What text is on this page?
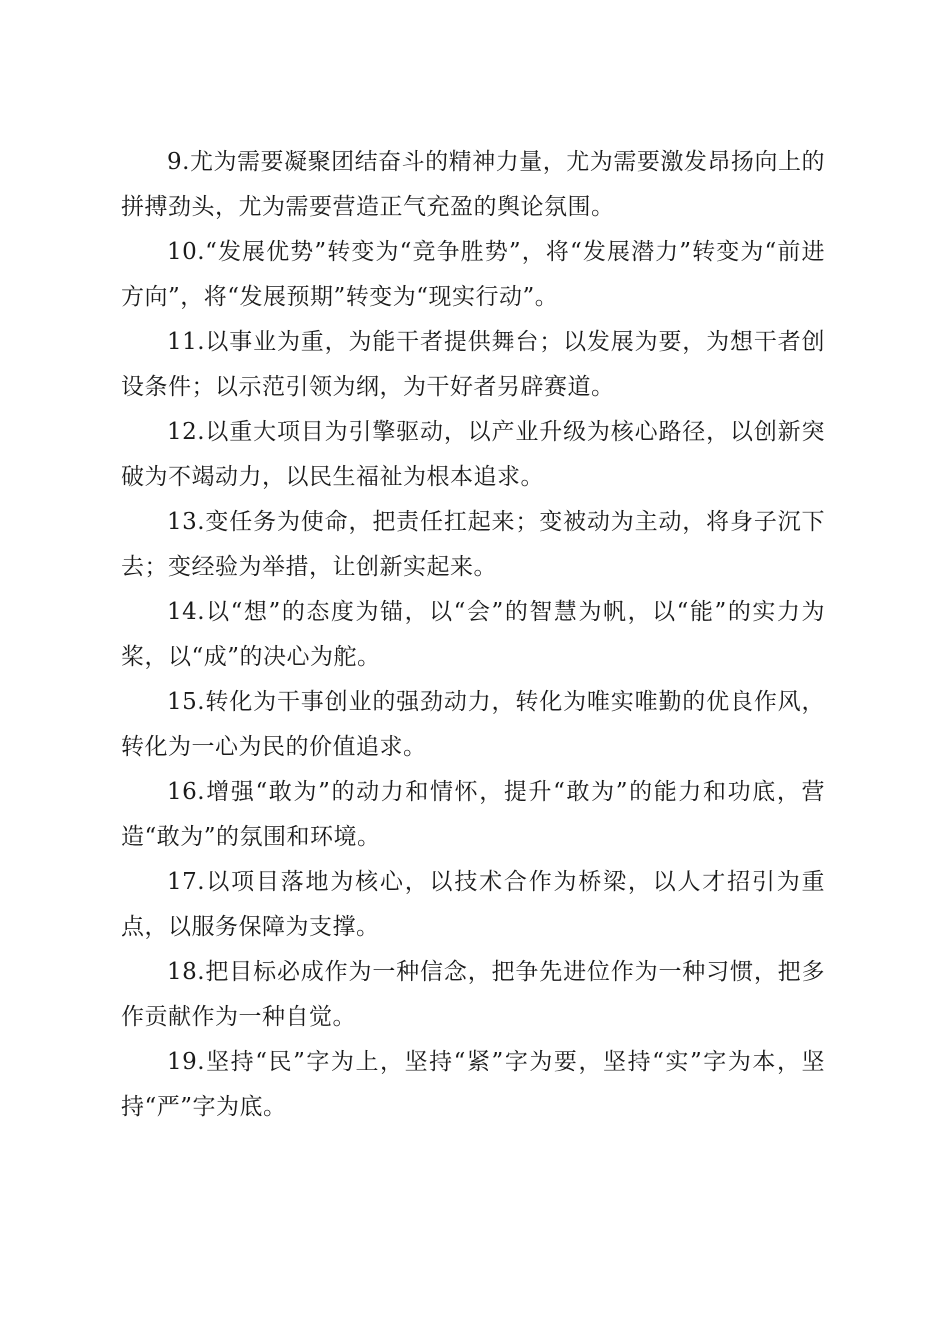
9.尤为需要凝聚团结奋斗的精神力量，尤为需要激发昂扬向上的拼搏劲头，尤为需要营造正气充盈的舆论氛围。

10.“发展优势”转变为“竞争胜势”，将“发展潜力”转变为“前进方向”，将“发展预期”转变为“现实行动”。

11.以事业为重，为能干者提供舞台；以发展为要，为想干者创设条件；以示范引领为纲，为干好者另辟赛道。

12.以重大项目为引擎驱动，以产业升级为核心路径，以创新突破为不竭动力，以民生福祉为根本追求。

13.变任务为使命，把责任扛起来；变被动为主动，将身子沉下去；变经验为举措，让创新实起来。

14.以“想”的态度为锚，以“会”的智慧为帆，以“能”的实力为桨，以“成”的决心为舵。

15.转化为干事创业的强劲动力，转化为唯实唯勤的优良作风，转化为一心为民的价值追求。

16.增强“敢为”的动力和情怀，提升“敢为”的能力和功底，营造“敢为”的氛围和环境。

17.以项目落地为核心，以技术合作为桥梁，以人才招引为重点，以服务保障为支撑。

18.把目标必成作为一种信念，把争先进位作为一种习惯，把多作贡献作为一种自觉。

19.坚持“民”字为上，坚持“紧”字为要，坚持“实”字为本，坚持“严”字为底。
